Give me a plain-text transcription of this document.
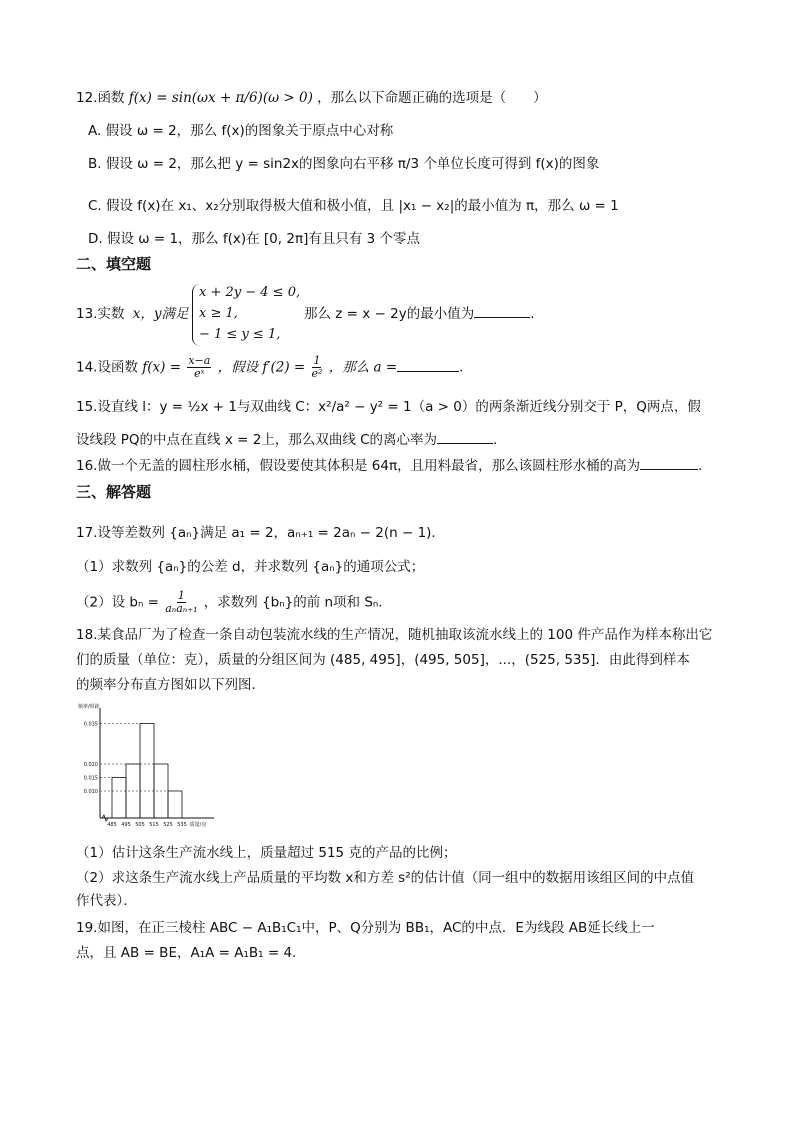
12.函数 f(x) = sin(ωx + π/6)(ω > 0) ，那么以下命题正确的选项是（　　）
A. 假设 ω = 2，那么 f(x)的图象关于原点中心对称
B. 假设 ω = 2，那么把 y = sin2x的图象向右平移 π/3 个单位长度可得到 f(x)的图象
C. 假设 f(x)在 x₁、x₂分别取得极大值和极小值，且 |x₁ − x₂|的最小值为 π，那么 ω = 1
D. 假设 ω = 1，那么 f(x)在 [0, 2π]有且只有 3 个零点
二、填空题
13.实数 x，y满足
x + 2y − 4 ≤ 0,
x ≥ 1,
− 1 ≤ y ≤ 1,
那么 z = x − 2y的最小值为	.
14.设函数 $f(x) = \frac{x-a}{\text{eˣ}}$ ，假设 $f'(2) = \frac{1}{\text{e²}}$ ，那么 a =	.
15.设直线 l：y = ½x + 1与双曲线 C：x²/a² − y² = 1（a > 0）的两条渐近线分别交于 P，Q两点，假
设线段 PQ的中点在直线 x = 2上，那么双曲线 C的离心率为	.
16.做一个无盖的圆柱形水桶，假设要使其体积是 64π，且用料最省，那么该圆柱形水桶的高为	.
三、解答题
17.设等差数列 {aₙ}满足 a₁ = 2，aₙ₊₁ = 2aₙ − 2(n − 1)．
（1）求数列 {aₙ}的公差 d，并求数列 {aₙ}的通项公式；
（2）设 $b_n = \frac{1}{\text{aₙaₙ₊₁}}$ ，求数列 {bₙ}的前 n项和 Sₙ.
18.某食品厂为了检查一条自动包装流水线的生产情况，随机抽取该流水线上的 100 件产品作为样本称出它
们的质量（单位：克），质量的分组区间为 (485, 495]，(495, 505]，...，(525, 535]．由此得到样本
的频率分布直方图如以下列图．
频率/组距
0.010
0.015
0.020
0.035
485 495 505 515 525 535 质量/克
（1）估计这条生产流水线上，质量超过 515 克的产品的比例；
（2）求这条生产流水线上产品质量的平均数 x和方差 s²的估计值（同一组中的数据用该组区间的中点值
作代表）．
19.如图，在正三棱柱 ABC − A₁B₁C₁中，P、Q分别为 BB₁，AC的中点．E为线段 AB延长线上一
点，且 AB = BE，A₁A = A₁B₁ = 4．
